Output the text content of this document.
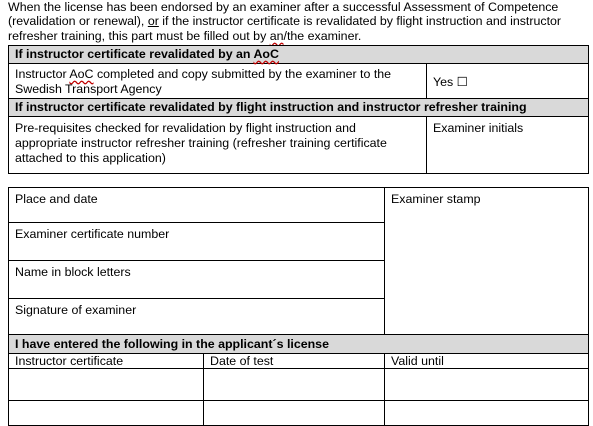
When the license has been endorsed by an examiner after a successful Assessment of Competence
(revalidation or renewal), or if the instructor certificate is revalidated by flight instruction and instructor
refresher training, this part must be filled out by an/the examiner.

If instructor certificate revalidated by an AoC	
Instructor AoC completed and copy submitted by the examiner to the Swedish Transport Agency	Yes ☐
If instructor certificate revalidated by flight instruction and instructor refresher training	
Pre-requisites checked for revalidation by flight instruction and appropriate instructor refresher training (refresher training certificate attached to this application)	Examiner initials
Place and date		Examiner stamp
Examiner certificate number		
Name in block letters		
Signature of examiner		
I have entered the following in the applicant´s license		
Instructor certificate	Date of test	Valid until
